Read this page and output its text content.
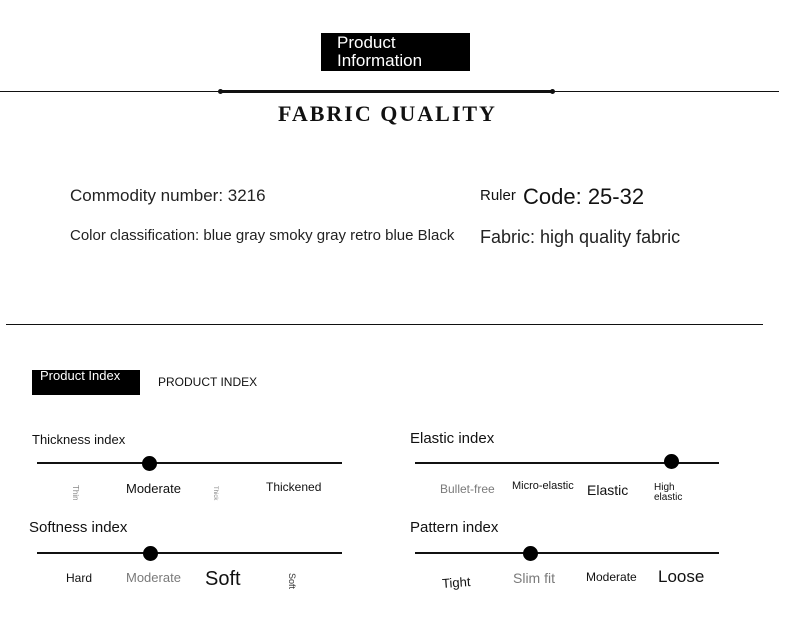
Product Information
FABRIC QUALITY
Commodity number: 3216
Color classification: blue gray smoky gray retro blue Black
Ruler Code: 25-32
Fabric: high quality fabric
Product Index	PRODUCT INDEX
Thickness index
Thin	Moderate	Thick	Thickened
Elastic index
Bullet-free Micro-elastic Elastic	High elastic
Softness index
Hard	Moderate Soft	Soft
Pattern index
Tight	Slim fit	Moderate Loose
